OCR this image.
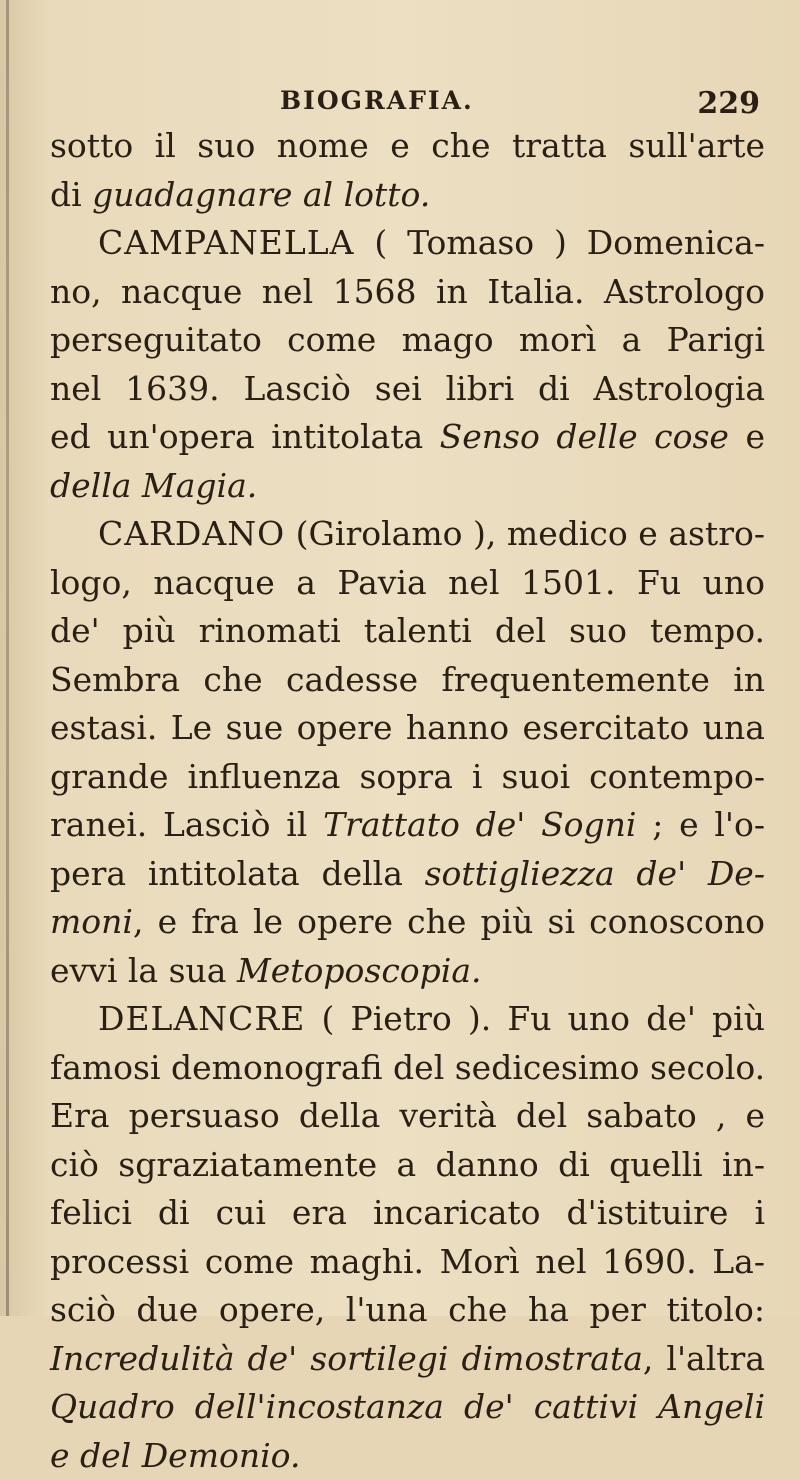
BIOGRAFIA.	229
sotto il suo nome e che tratta sull'arte
di guadagnare al lotto.
CAMPANELLA ( Tomaso ) Domenica-
no, nacque nel 1568 in Italia. Astrologo
perseguitato come mago morì a Parigi
nel 1639. Lasciò sei libri di Astrologia
ed un'opera intitolata Senso delle cose e
della Magia.
CARDANO (Girolamo ), medico e astro-
logo, nacque a Pavia nel 1501. Fu uno
de' più rinomati talenti del suo tempo.
Sembra che cadesse frequentemente in
estasi. Le sue opere hanno esercitato una
grande influenza sopra i suoi contempo-
ranei. Lasciò il Trattato de' Sogni ; e l'o-
pera intitolata della sottigliezza de' De-
moni, e fra le opere che più si conoscono
evvi la sua Metoposcopia.
DELANCRE ( Pietro ). Fu uno de' più
famosi demonografi del sedicesimo secolo.
Era persuaso della verità del sabato , e
ciò sgraziatamente a danno di quelli in-
felici di cui era incaricato d'istituire i
processi come maghi. Morì nel 1690. La-
sciò due opere, l'una che ha per titolo:
Incredulità de' sortilegi dimostrata, l'altra
Quadro dell'incostanza de' cattivi Angeli
e del Demonio.
